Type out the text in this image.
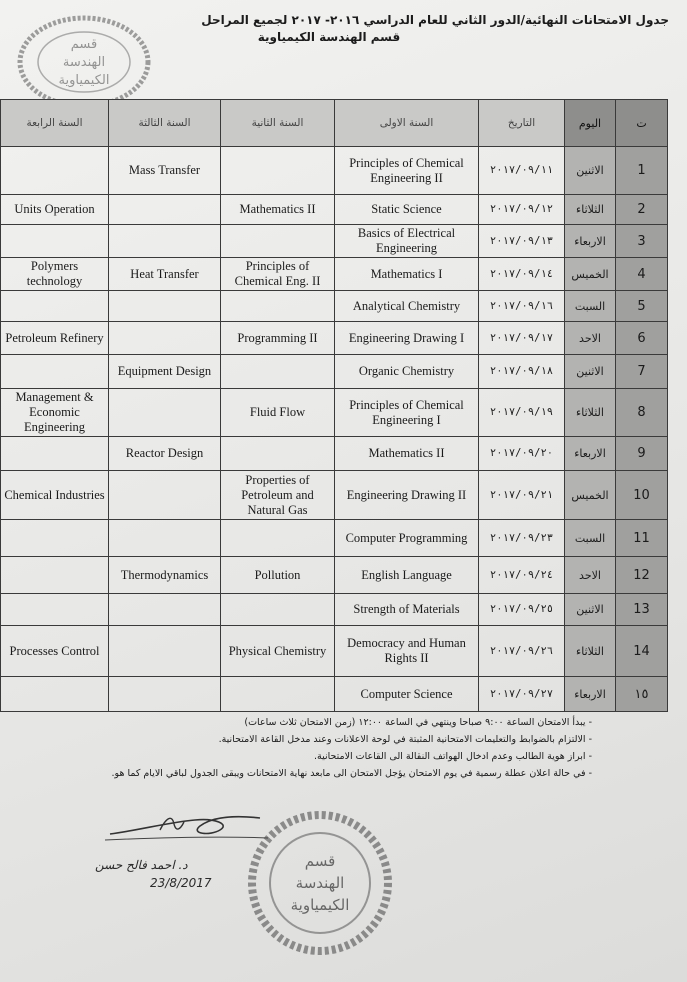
جدول الامتحانات النهائية/الدور الثاني للعام الدراسي ٢٠١٦- ٢٠١٧ لجميع المراحل
قسم الهندسة الكيمياوية
قسم
الهندسة
الكيمياوية
السنة الرابعة	السنة الثالثة	السنة الثانية	السنة الاولى	التاريخ	اليوم	ت
	Mass Transfer		Principles of Chemical Engineering II	٢٠١٧/٠٩/١١	الاثنين	1
Units Operation		Mathematics II	Static Science	٢٠١٧/٠٩/١٢	الثلاثاء	2
			Basics of Electrical Engineering	٢٠١٧/٠٩/١٣	الاربعاء	3
Polymers technology	Heat Transfer	Principles of Chemical Eng. II	Mathematics I	٢٠١٧/٠٩/١٤	الخميس	4
			Analytical Chemistry	٢٠١٧/٠٩/١٦	السبت	5
Petroleum Refinery		Programming II	Engineering Drawing I	٢٠١٧/٠٩/١٧	الاحد	6
	Equipment Design		Organic Chemistry	٢٠١٧/٠٩/١٨	الاثنين	7
Management & Economic Engineering		Fluid Flow	Principles of Chemical Engineering I	٢٠١٧/٠٩/١٩	الثلاثاء	8
	Reactor Design		Mathematics II	٢٠١٧/٠٩/٢٠	الاربعاء	9
Chemical Industries		Properties of Petroleum and Natural Gas	Engineering Drawing II	٢٠١٧/٠٩/٢١	الخميس	10
			Computer Programming	٢٠١٧/٠٩/٢٣	السبت	11
	Thermodynamics	Pollution	English Language	٢٠١٧/٠٩/٢٤	الاحد	12
			Strength of Materials	٢٠١٧/٠٩/٢٥	الاثنين	13
Processes Control		Physical Chemistry	Democracy and Human Rights II	٢٠١٧/٠٩/٢٦	الثلاثاء	14
			Computer Science	٢٠١٧/٠٩/٢٧	الاربعاء	١٥
- يبدأ الامتحان الساعة ٩:٠٠ صباحا وينتهي في الساعة ١٢:٠٠ (زمن الامتحان ثلاث ساعات)
- الالتزام بالضوابط والتعليمات الامتحانية المثبتة في لوحة الاعلانات وعند مدخل القاعة الامتحانية.
- ابراز هوية الطالب وعدم ادخال الهواتف النقالة الى القاعات الامتحانية.
- في حالة اعلان عطلة رسمية في يوم الامتحان يؤجل الامتحان الى مابعد نهاية الامتحانات ويبقى الجدول لباقي الايام كما هو.
د. احمد فالح حسن
23/8/2017
قسم
الهندسة
الكيمياوية
